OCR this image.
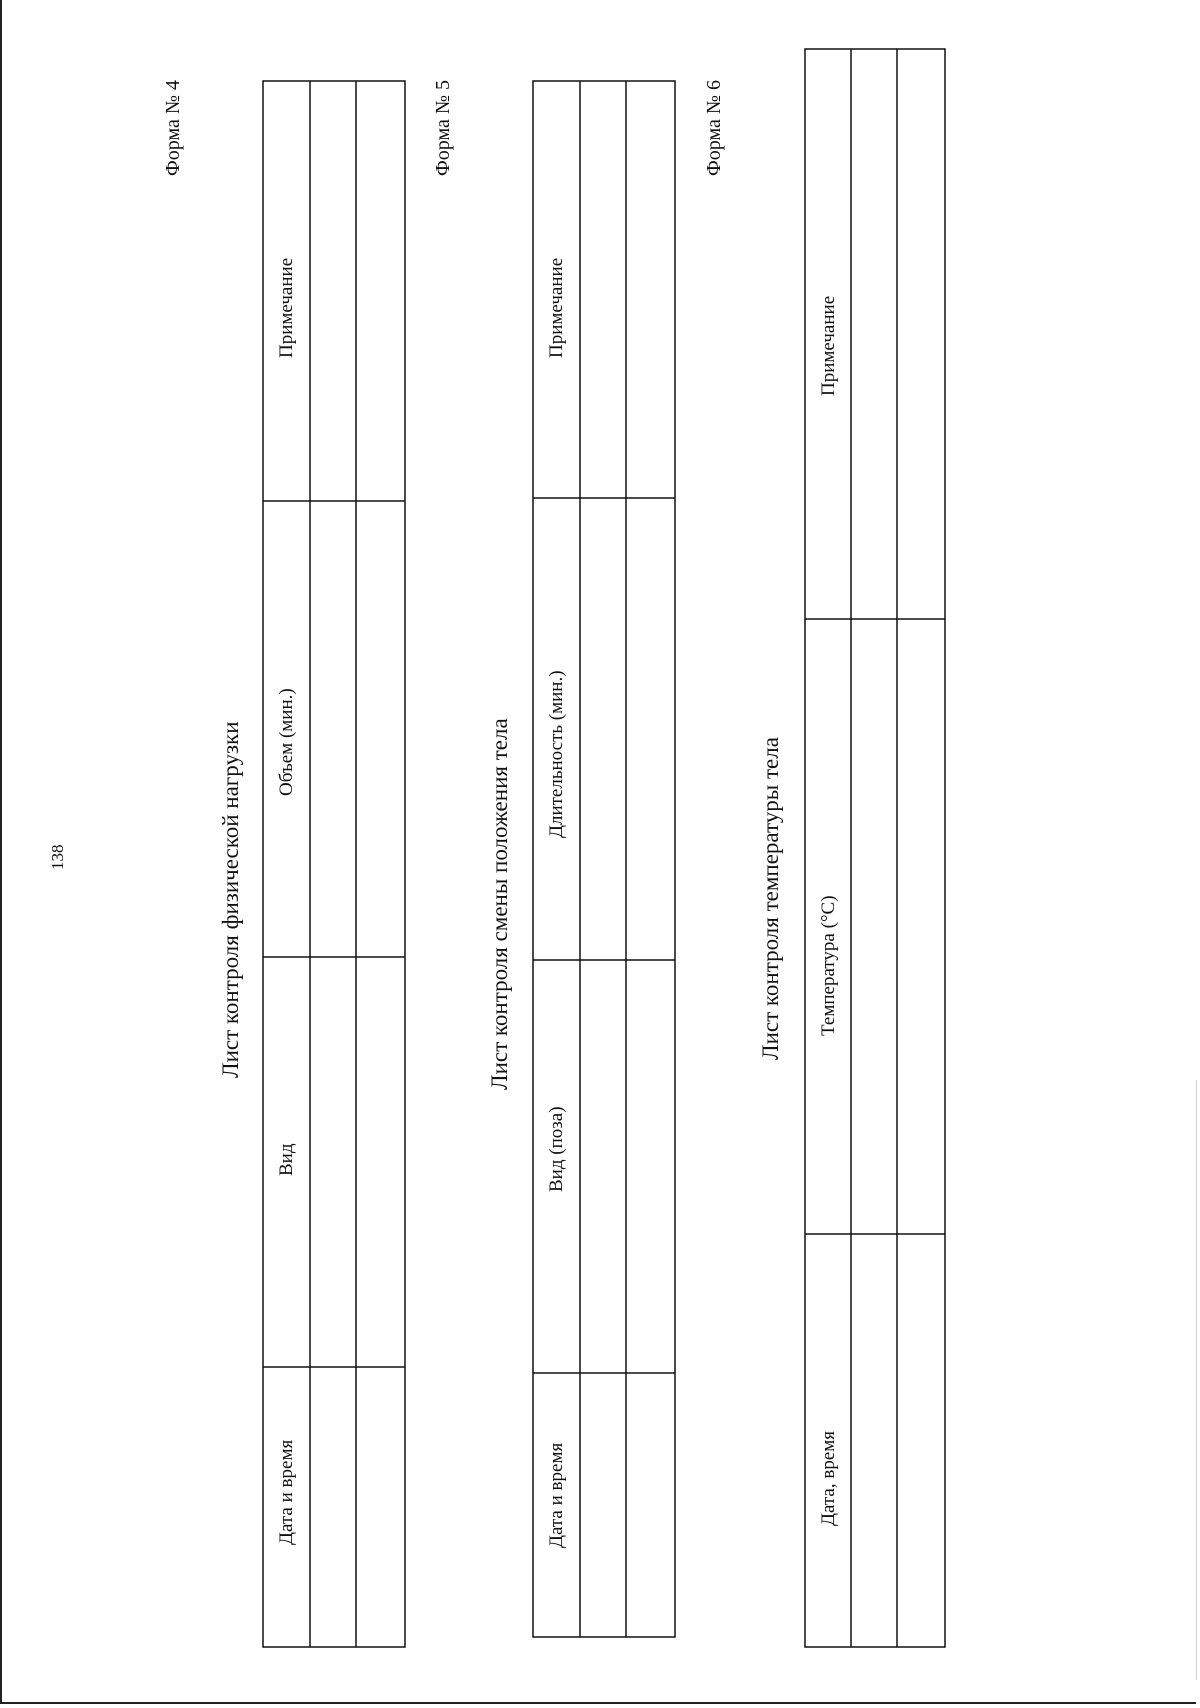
138
Форма № 4
Лист контроля физической нагрузки
Дата и время
Вид
Объем (мин.)
Примечание
Форма № 5
Лист контроля смены положения тела
Дата и время
Вид (поза)
Длительность (мин.)
Примечание
Форма № 6
Лист контроля температуры тела
Дата, время
Температура (°С)
Примечание
